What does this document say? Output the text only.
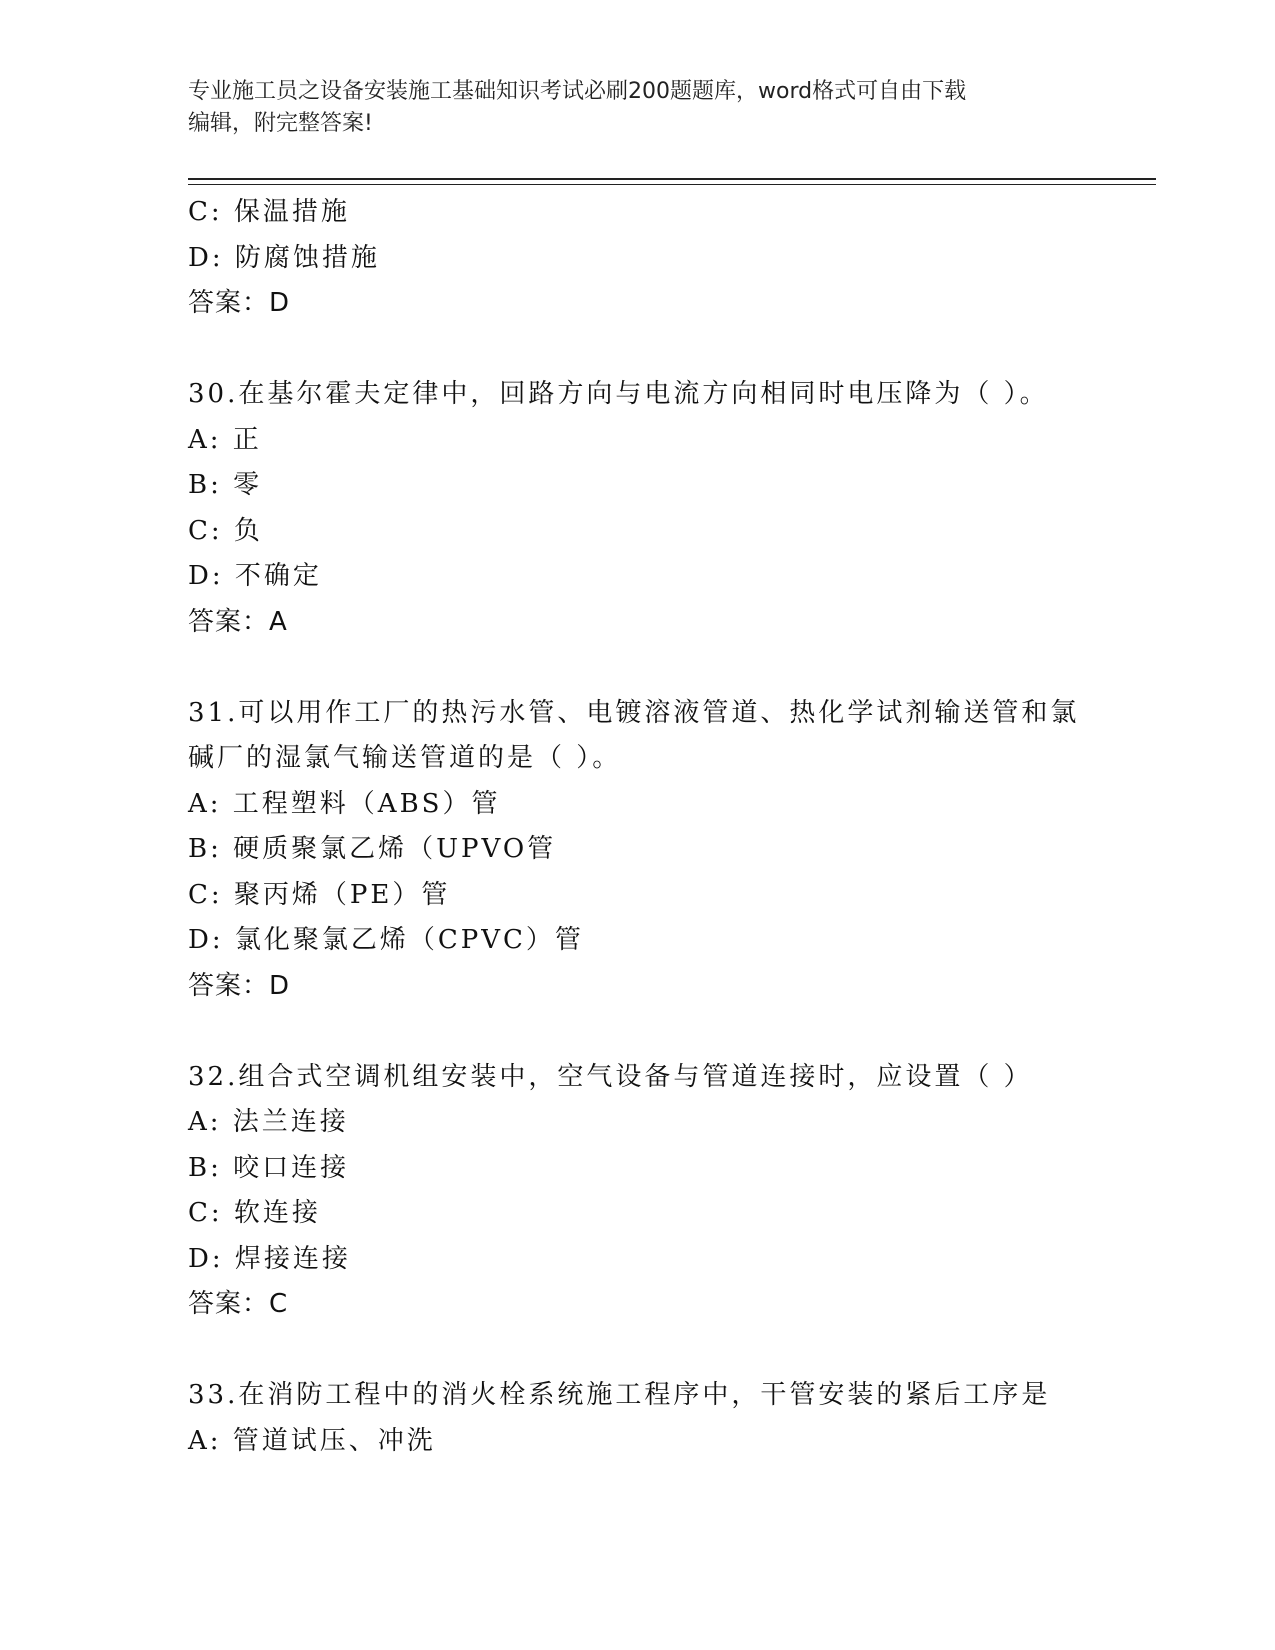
专业施工员之设备安装施工基础知识考试必刷200题题库，word格式可自由下载
编辑，附完整答案!
C: 保温措施
D: 防腐蚀措施
答案：D
30.在基尔霍夫定律中，回路方向与电流方向相同时电压降为（ ）。
A: 正
B: 零
C: 负
D: 不确定
答案：A
31.可以用作工厂的热污水管、电镀溶液管道、热化学试剂输送管和氯
碱厂的湿氯气输送管道的是（ ）。
A: 工程塑料（ABS）管
B: 硬质聚氯乙烯（UPVO管
C: 聚丙烯（PE）管
D: 氯化聚氯乙烯（CPVC）管
答案：D
32.组合式空调机组安装中，空气设备与管道连接时，应设置（ ）
A: 法兰连接
B: 咬口连接
C: 软连接
D: 焊接连接
答案：C
33.在消防工程中的消火栓系统施工程序中，干管安装的紧后工序是
A: 管道试压、冲洗
